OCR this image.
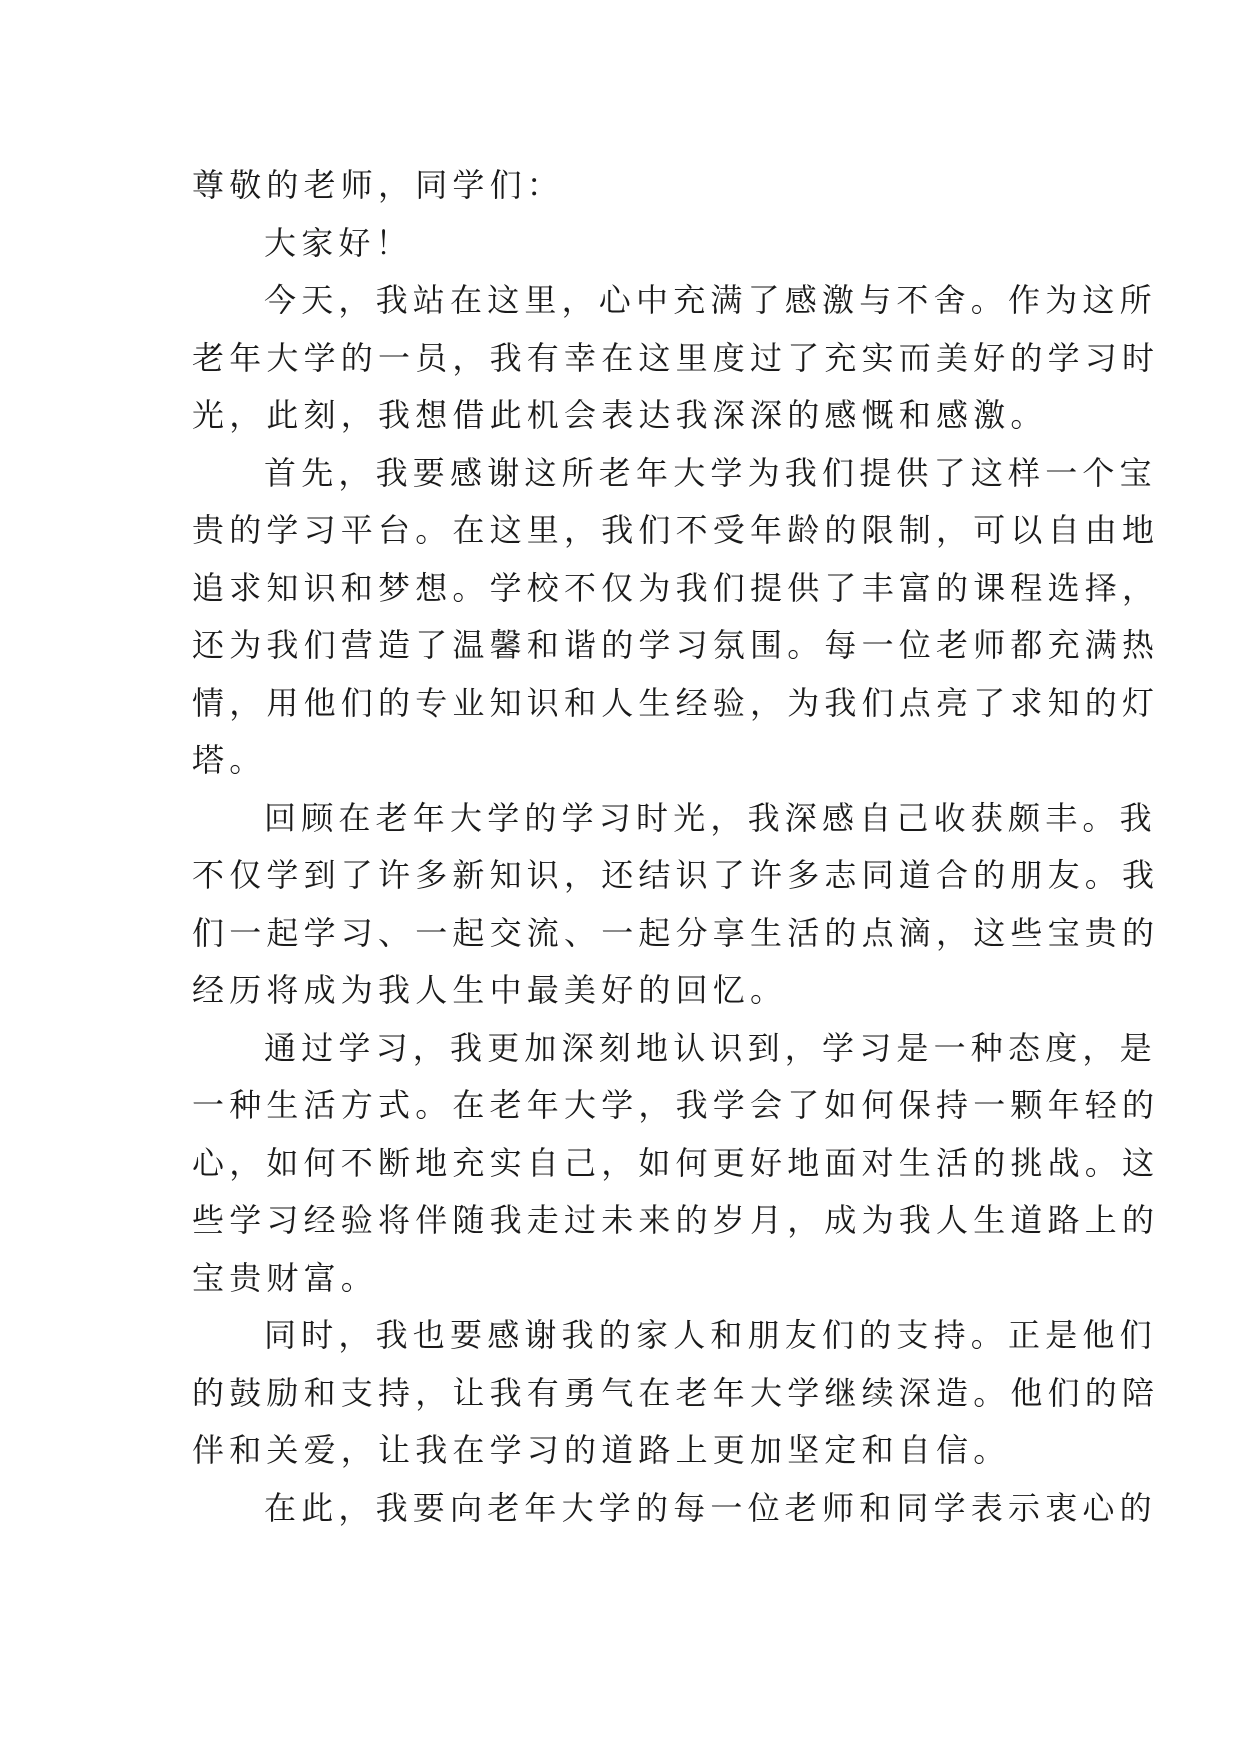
尊敬的老师，同学们：
大家好！
今天，我站在这里，心中充满了感激与不舍。作为这所
老年大学的一员，我有幸在这里度过了充实而美好的学习时
光，此刻，我想借此机会表达我深深的感慨和感激。
首先，我要感谢这所老年大学为我们提供了这样一个宝
贵的学习平台。在这里，我们不受年龄的限制，可以自由地
追求知识和梦想。学校不仅为我们提供了丰富的课程选择，
还为我们营造了温馨和谐的学习氛围。每一位老师都充满热
情，用他们的专业知识和人生经验，为我们点亮了求知的灯
塔。
回顾在老年大学的学习时光，我深感自己收获颇丰。我
不仅学到了许多新知识，还结识了许多志同道合的朋友。我
们一起学习、一起交流、一起分享生活的点滴，这些宝贵的
经历将成为我人生中最美好的回忆。
通过学习，我更加深刻地认识到，学习是一种态度，是
一种生活方式。在老年大学，我学会了如何保持一颗年轻的
心，如何不断地充实自己，如何更好地面对生活的挑战。这
些学习经验将伴随我走过未来的岁月，成为我人生道路上的
宝贵财富。
同时，我也要感谢我的家人和朋友们的支持。正是他们
的鼓励和支持，让我有勇气在老年大学继续深造。他们的陪
伴和关爱，让我在学习的道路上更加坚定和自信。
在此，我要向老年大学的每一位老师和同学表示衷心的
